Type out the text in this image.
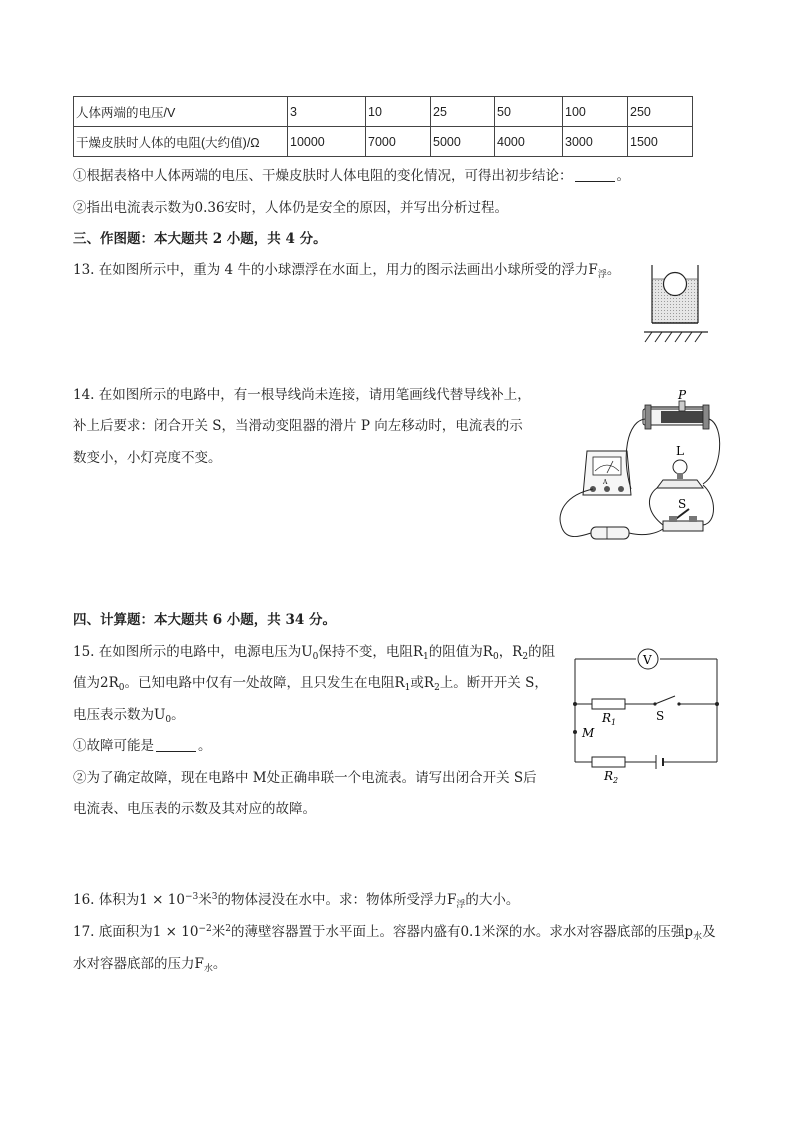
人体两端的电压/V	3	10	25	50	100	250
干燥皮肤时人体的电阻(大约值)/Ω	10000	7000	5000	4000	3000	1500
①根据表格中人体两端的电压、干燥皮肤时人体电阻的变化情况，可得出初步结论：	。
②指出电流表示数为0.36安时，人体仍是安全的原因，并写出分析过程。
三、作图题：本大题共 2 小题，共 4 分。
13. 在如图所示中，重为 4 牛的小球漂浮在水面上，用力的图示法画出小球所受的浮力$F_浮$。
14. 在如图所示的电路中，有一根导线尚未连接，请用笔画线代替导线补上，
补上后要求：闭合开关 S，当滑动变阻器的滑片 P 向左移动时，电流表的示
数变小，小灯亮度不变。
P
L
S
A
四、计算题：本大题共 6 小题，共 34 分。
15. 在如图所示的电路中，电源电压为$U_0$保持不变，电阻$R_1$的阻值为$R_0$，$R_2$的阻
值为$2R_0$。已知电路中仅有一处故障，且只发生在电阻$R_1$或$R_2$上。断开开关 S，
电压表示数为$U_0$。
①故障可能是	。
②为了确定故障，现在电路中 M处正确串联一个电流表。请写出闭合开关 S后
电流表、电压表的示数及其对应的故障。
V
$R_1$	S
M
$R_2$
16. 体积为$1 \times 10^{-3}$米$^3$的物体浸没在水中。求：物体所受浮力$F_浮$的大小。
17. 底面积为$1 \times 10^{-2}$米$^2$的薄壁容器置于水平面上。容器内盛有0.1米深的水。求水对容器底部的压强$p_水$及
水对容器底部的压力$F_水$。
